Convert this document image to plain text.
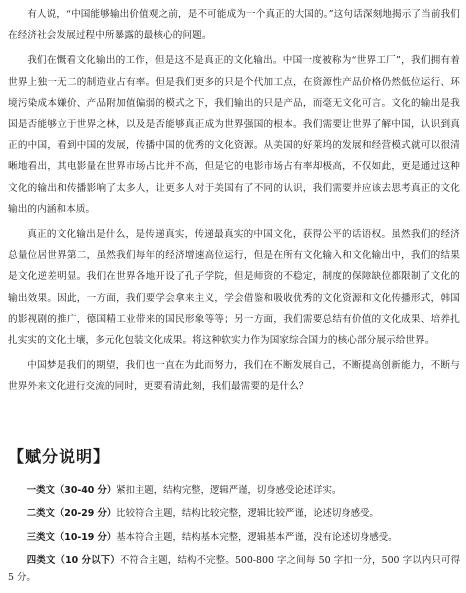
有人说，“中国能够输出价值观之前，是不可能成为一个真正的大国的。”这句话深刻地揭示了当前我们在经济社会发展过程中所暴露的最核心的问题。

我们在慨看文化输出的工作，但是这不是真正的文化输出。中国一度被称为“世界工厂”，我们拥有着世界上独一无二的制造业占有率。但是我们更多的只是个代加工点，在资源性产品价格仍然低位运行、环境污染成本嫌价、产品附加值偏弱的模式之下，我们输出的只是产品，而毫无文化可言。文化的输出是我国是否能够立于世界之林，以及是否能够真正成为世界强国的根本。我们需要让世界了解中国，认识到真正的中国，看到中国的发展，传播中国的优秀的文化资源。从美国的好莱坞的发展和经营模式就可以很清晰地看出，其电影量在世界市场占比并不高，但是它的电影市场占有率却极高，不仅如此，更是通过这种文化的输出和传播影响了太多人，让更多人对于美国有了不同的认识，我们需要并应该去思考真正的文化输出的内涵和本质。

真正的文化输出是什么，是传递真实，传递最真实的中国文化，获得公平的话语权。虽然我们的经济总量位居世界第二，虽然我们每年的经济增速高位运行，但是在所有文化输入和文化输出中，我们的结果是文化逆差明显。我们在世界各地开设了孔子学院，但是师资的不稳定，制度的保障缺位都限制了文化的输出效果。因此，一方面，我们要学会拿来主义，学会借鉴和吸收优秀的文化资源和文化传播形式，韩国的影视剧的推广，德国精工业带来的国民形象等等；另一方面，我们需要总结有价值的文化成果、培养扎扎实实的文化土壤，多元化包装文化成果。将这种软实力作为国家综合国力的核心部分展示给世界。

中国梦是我们的期望，我们也一直在为此而努力，我们在不断发展自己，不断提高创新能力，不断与世界外来文化进行交流的同时，更要看清此刻，我们最需要的是什么？

【赋分说明】
一类文（30-40 分）紧扣主题，结构完整，逻辑严谨，切身感受论述详实。
二类文（20-29 分）比较符合主题，结构比较完整，逻辑比较严谨，论述切身感受。
三类文（10-19 分）基本符合主题，结构基本完整，逻辑基本严谨，没有论述切身感受。
四类文（10 分以下）不符合主题，结构不完整。500-800 字之间每 50 字扣一分，500 字以内只可得 5 分。
